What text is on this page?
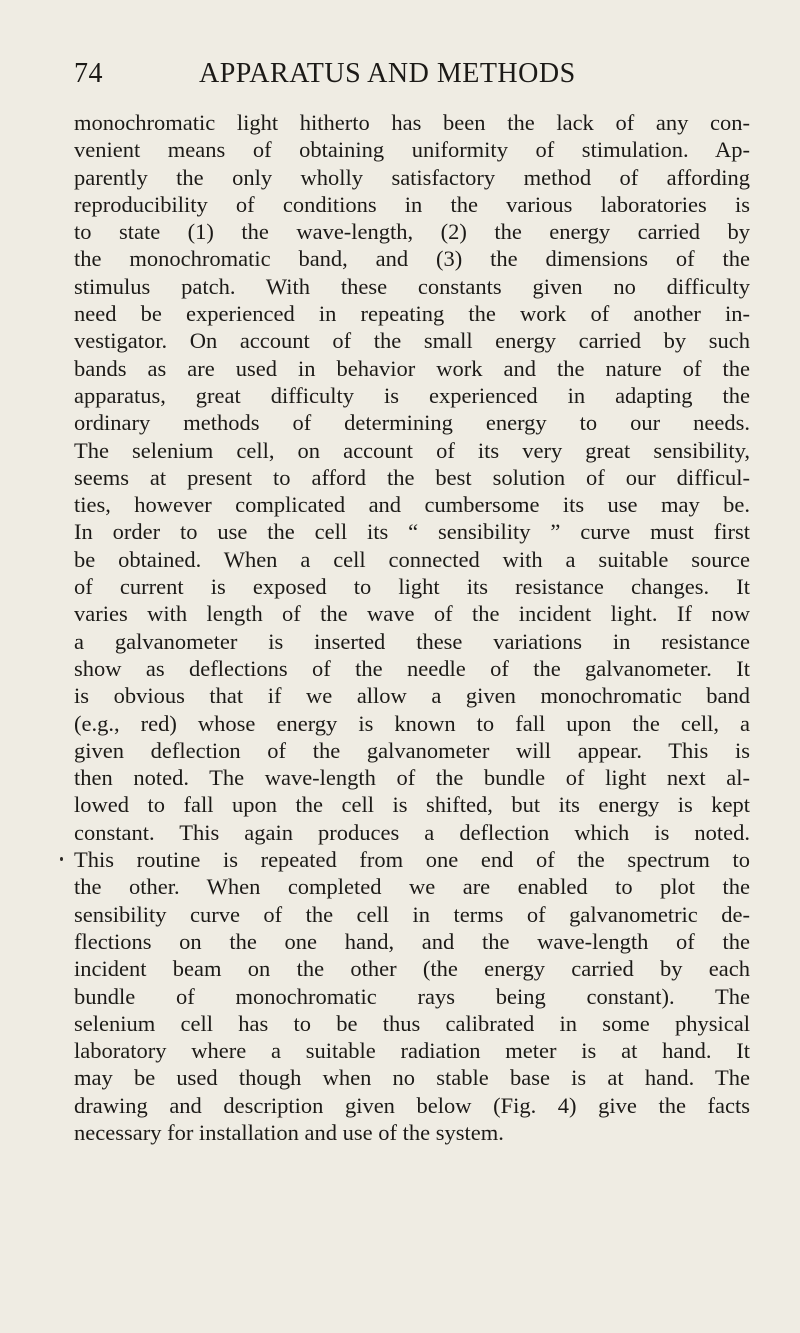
74	APPARATUS AND METHODS
monochromatic light hitherto has been the lack of any con-
venient means of obtaining uniformity of stimulation. Ap-
parently the only wholly satisfactory method of affording
reproducibility of conditions in the various laboratories is
to state (1) the wave-length, (2) the energy carried by
the monochromatic band, and (3) the dimensions of the
stimulus patch. With these constants given no difficulty
need be experienced in repeating the work of another in-
vestigator. On account of the small energy carried by such
bands as are used in behavior work and the nature of the
apparatus, great difficulty is experienced in adapting the
ordinary methods of determining energy to our needs.
The selenium cell, on account of its very great sensibility,
seems at present to afford the best solution of our difficul-
ties, however complicated and cumbersome its use may be.
In order to use the cell its “ sensibility ” curve must first
be obtained. When a cell connected with a suitable source
of current is exposed to light its resistance changes. It
varies with length of the wave of the incident light. If now
a galvanometer is inserted these variations in resistance
show as deflections of the needle of the galvanometer. It
is obvious that if we allow a given monochromatic band
(e.g., red) whose energy is known to fall upon the cell, a
given deflection of the galvanometer will appear. This is
then noted. The wave-length of the bundle of light next al-
lowed to fall upon the cell is shifted, but its energy is kept
constant. This again produces a deflection which is noted.
This routine is repeated from one end of the spectrum to
the other. When completed we are enabled to plot the
sensibility curve of the cell in terms of galvanometric de-
flections on the one hand, and the wave-length of the
incident beam on the other (the energy carried by each
bundle of monochromatic rays being constant). The
selenium cell has to be thus calibrated in some physical
laboratory where a suitable radiation meter is at hand. It
may be used though when no stable base is at hand. The
drawing and description given below (Fig. 4) give the facts
necessary for installation and use of the system.
